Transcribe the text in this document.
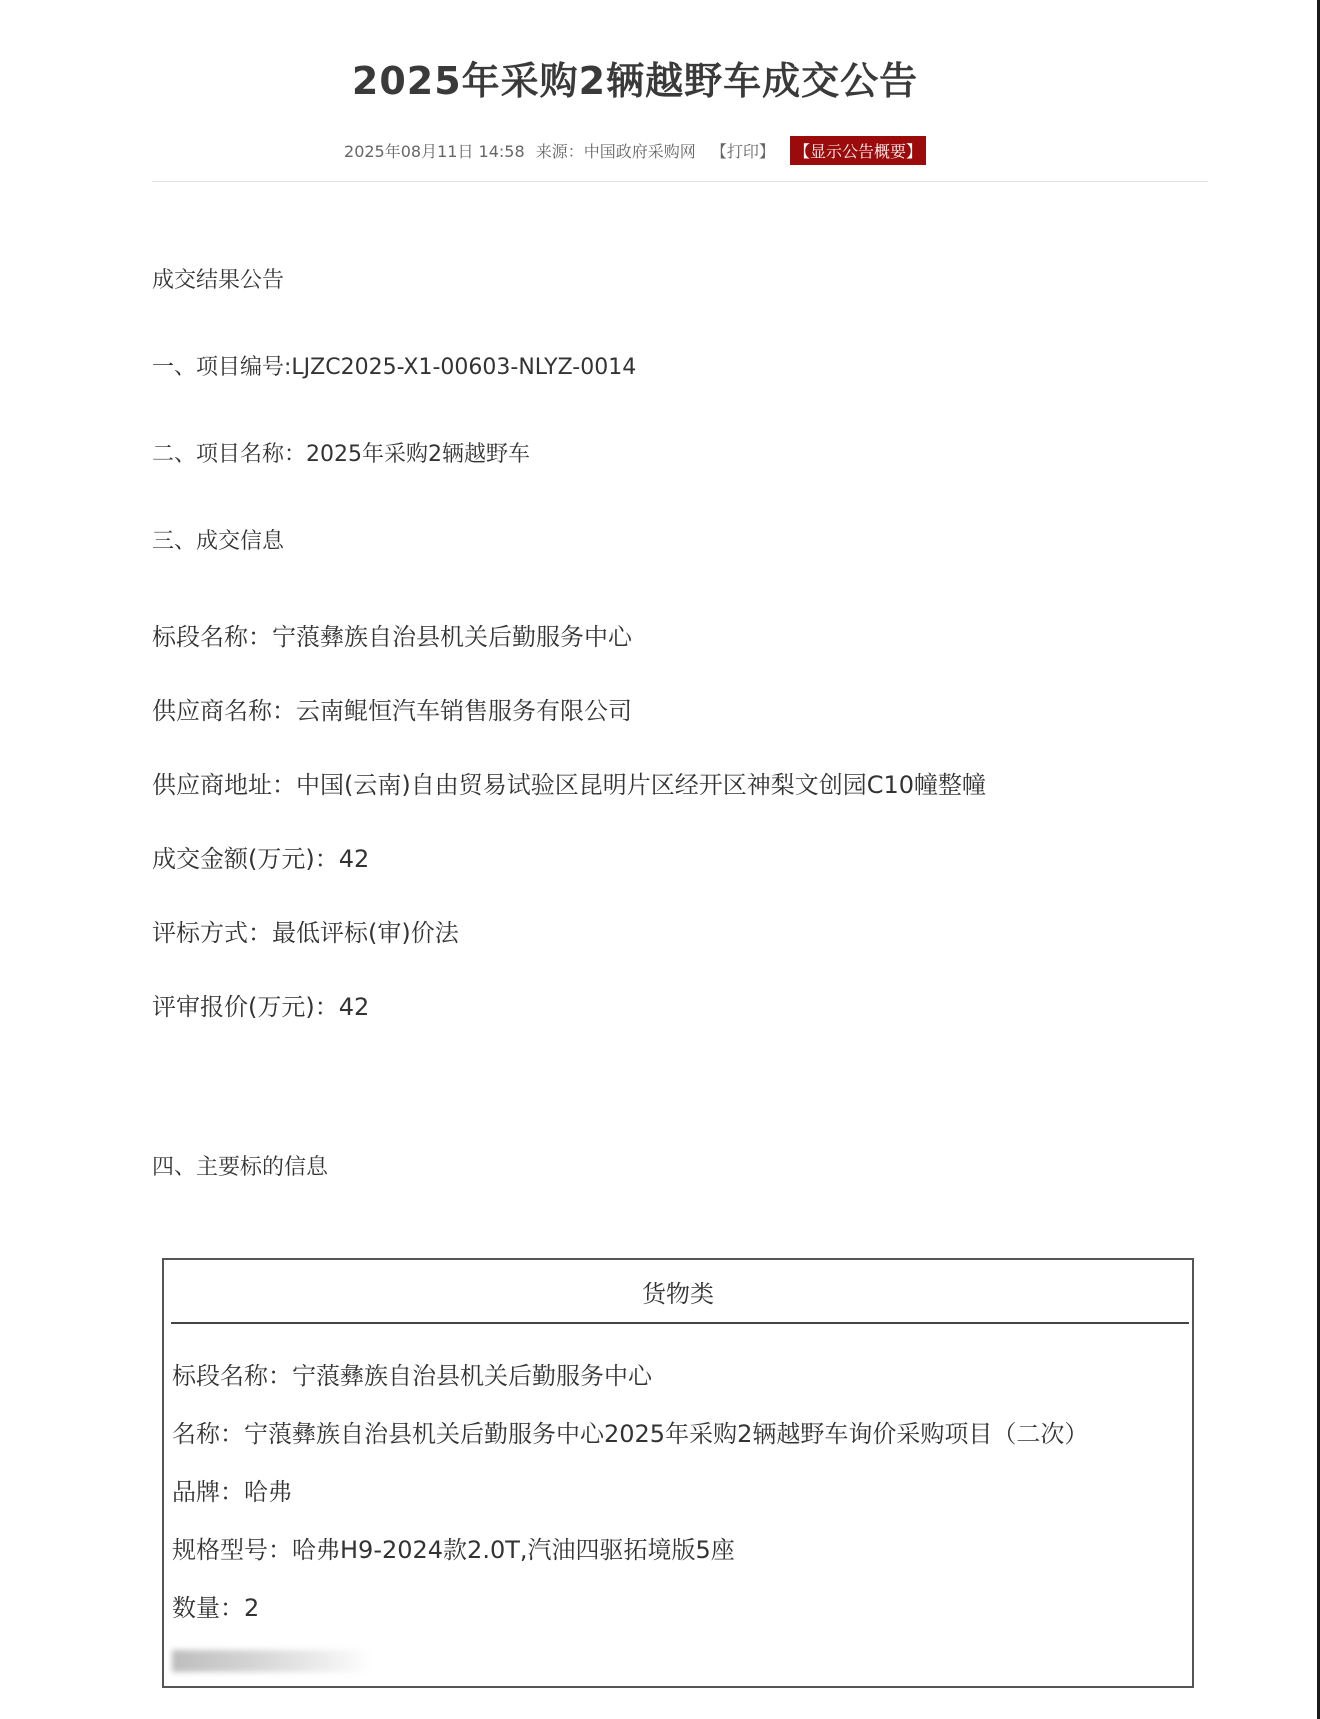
2025年采购2辆越野车成交公告
2025年08月11日 14:58 来源：中国政府采购网 【打印】 【显示公告概要】
成交结果公告
一、项目编号:LJZC2025-X1-00603-NLYZ-0014
二、项目名称：2025年采购2辆越野车
三、成交信息
标段名称：宁蒗彝族自治县机关后勤服务中心
供应商名称：云南鲲恒汽车销售服务有限公司
供应商地址：中国(云南)自由贸易试验区昆明片区经开区神梨文创园C10幢整幢
成交金额(万元)：42
评标方式：最低评标(审)价法
评审报价(万元)：42
四、主要标的信息
货物类
标段名称：宁蒗彝族自治县机关后勤服务中心
名称：宁蒗彝族自治县机关后勤服务中心2025年采购2辆越野车询价采购项目（二次）
品牌：哈弗
规格型号：哈弗H9-2024款2.0T,汽油四驱拓境版5座
数量：2
